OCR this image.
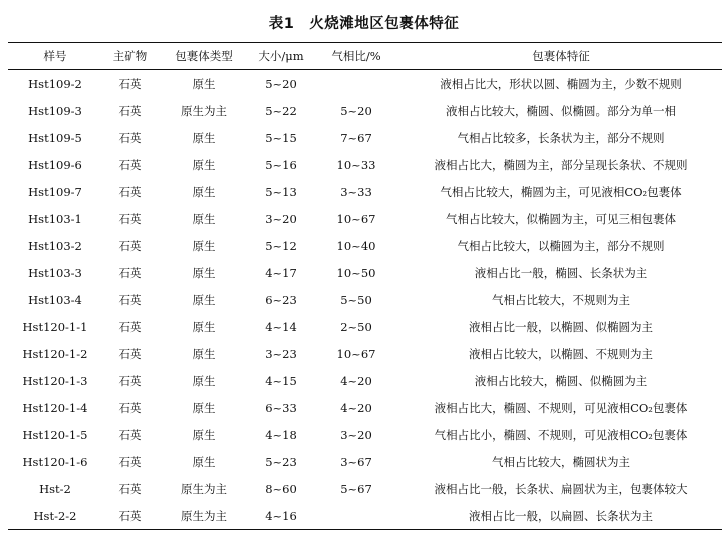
表1　火烧滩地区包裹体特征
样号	主矿物	包裹体类型	大小/μm	气相比/%	包裹体特征
Hst109-2	石英	原生	5~20		液相占比大，形状以圆、椭圆为主，少数不规则
Hst109-3	石英	原生为主	5~22	5~20	液相占比较大，椭圆、似椭圆。部分为单一相
Hst109-5	石英	原生	5~15	7~67	气相占比较多，长条状为主，部分不规则
Hst109-6	石英	原生	5~16	10~33	液相占比大，椭圆为主，部分呈现长条状、不规则
Hst109-7	石英	原生	5~13	3~33	气相占比较大，椭圆为主，可见液相CO₂包裹体
Hst103-1	石英	原生	3~20	10~67	气相占比较大，似椭圆为主，可见三相包裹体
Hst103-2	石英	原生	5~12	10~40	气相占比较大，以椭圆为主，部分不规则
Hst103-3	石英	原生	4~17	10~50	液相占比一般，椭圆、长条状为主
Hst103-4	石英	原生	6~23	5~50	气相占比较大，不规则为主
Hst120-1-1	石英	原生	4~14	2~50	液相占比一般，以椭圆、似椭圆为主
Hst120-1-2	石英	原生	3~23	10~67	液相占比较大，以椭圆、不规则为主
Hst120-1-3	石英	原生	4~15	4~20	液相占比较大，椭圆、似椭圆为主
Hst120-1-4	石英	原生	6~33	4~20	液相占比大，椭圆、不规则，可见液相CO₂包裹体
Hst120-1-5	石英	原生	4~18	3~20	气相占比小，椭圆、不规则，可见液相CO₂包裹体
Hst120-1-6	石英	原生	5~23	3~67	气相占比较大，椭圆状为主
Hst-2	石英	原生为主	8~60	5~67	液相占比一般，长条状、扁圆状为主，包裹体较大
Hst-2-2	石英	原生为主	4~16		液相占比一般，以扁圆、长条状为主
